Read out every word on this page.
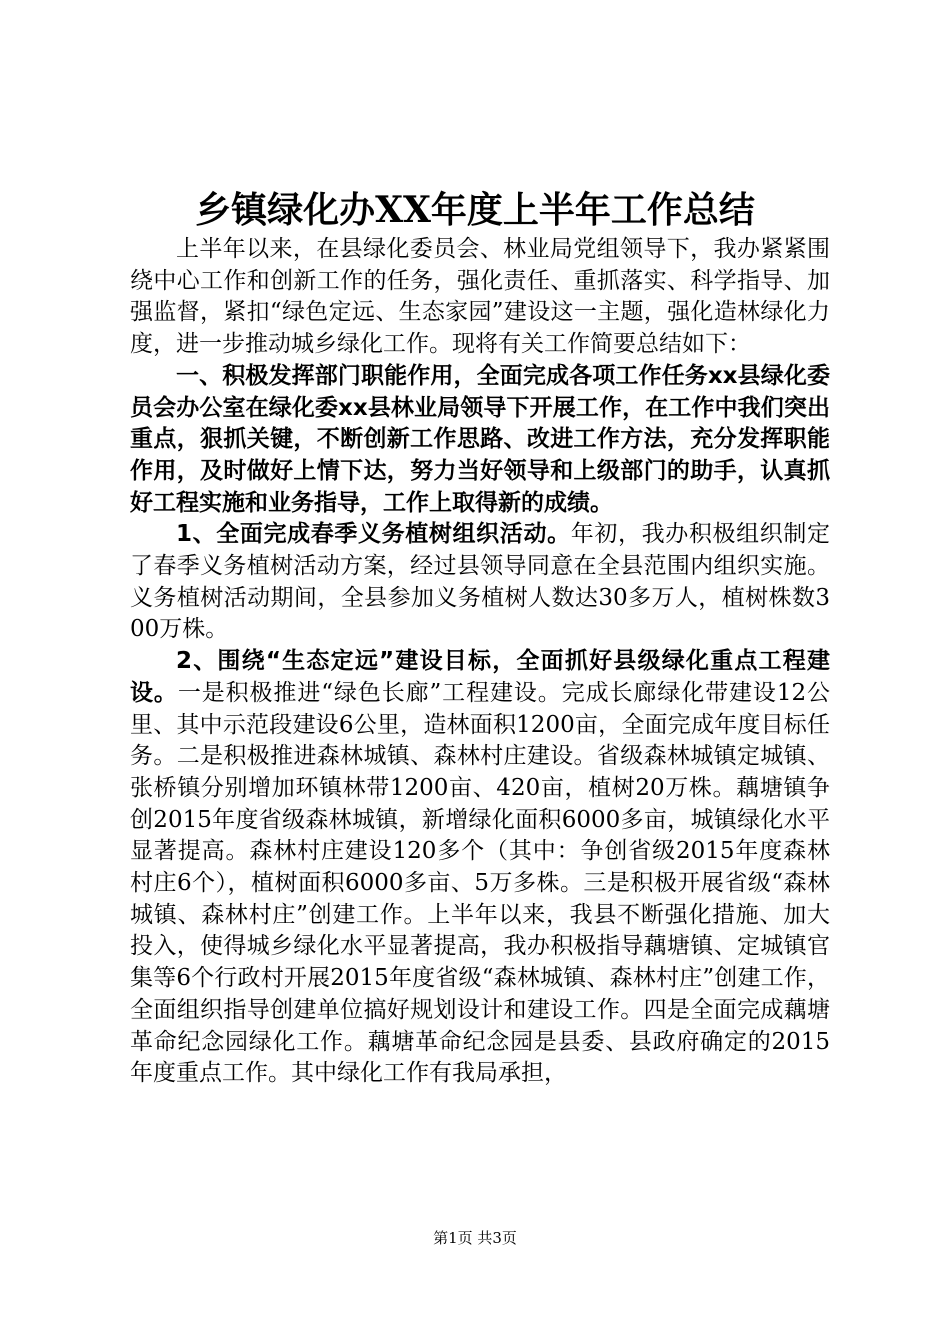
乡镇绿化办XX年度上半年工作总结

上半年以来，在县绿化委员会、林业局党组领导下，我办紧紧围绕中心工作和创新工作的任务，强化责任、重抓落实、科学指导、加强监督，紧扣“绿色定远、生态家园”建设这一主题，强化造林绿化力度，进一步推动城乡绿化工作。现将有关工作简要总结如下：

一、积极发挥部门职能作用，全面完成各项工作任务xx县绿化委员会办公室在绿化委xx县林业局领导下开展工作，在工作中我们突出重点，狠抓关键，不断创新工作思路、改进工作方法，充分发挥职能作用，及时做好上情下达，努力当好领导和上级部门的助手，认真抓好工程实施和业务指导，工作上取得新的成绩。

1、全面完成春季义务植树组织活动。年初，我办积极组织制定了春季义务植树活动方案，经过县领导同意在全县范围内组织实施。义务植树活动期间，全县参加义务植树人数达30多万人，植树株数300万株。

2、围绕“生态定远”建设目标，全面抓好县级绿化重点工程建设。一是积极推进“绿色长廊”工程建设。完成长廊绿化带建设12公里、其中示范段建设6公里，造林面积1200亩，全面完成年度目标任务。二是积极推进森林城镇、森林村庄建设。省级森林城镇定城镇、张桥镇分别增加环镇林带1200亩、420亩，植树20万株。藕塘镇争创2015年度省级森林城镇，新增绿化面积6000多亩，城镇绿化水平显著提高。森林村庄建设120多个（其中：争创省级2015年度森林村庄6个），植树面积6000多亩、5万多株。三是积极开展省级“森林城镇、森林村庄”创建工作。上半年以来，我县不断强化措施、加大投入，使得城乡绿化水平显著提高，我办积极指导藕塘镇、定城镇官集等6个行政村开展2015年度省级“森林城镇、森林村庄”创建工作，全面组织指导创建单位搞好规划设计和建设工作。四是全面完成藕塘革命纪念园绿化工作。藕塘革命纪念园是县委、县政府确定的2015年度重点工作。其中绿化工作有我局承担，

第1页 共3页
